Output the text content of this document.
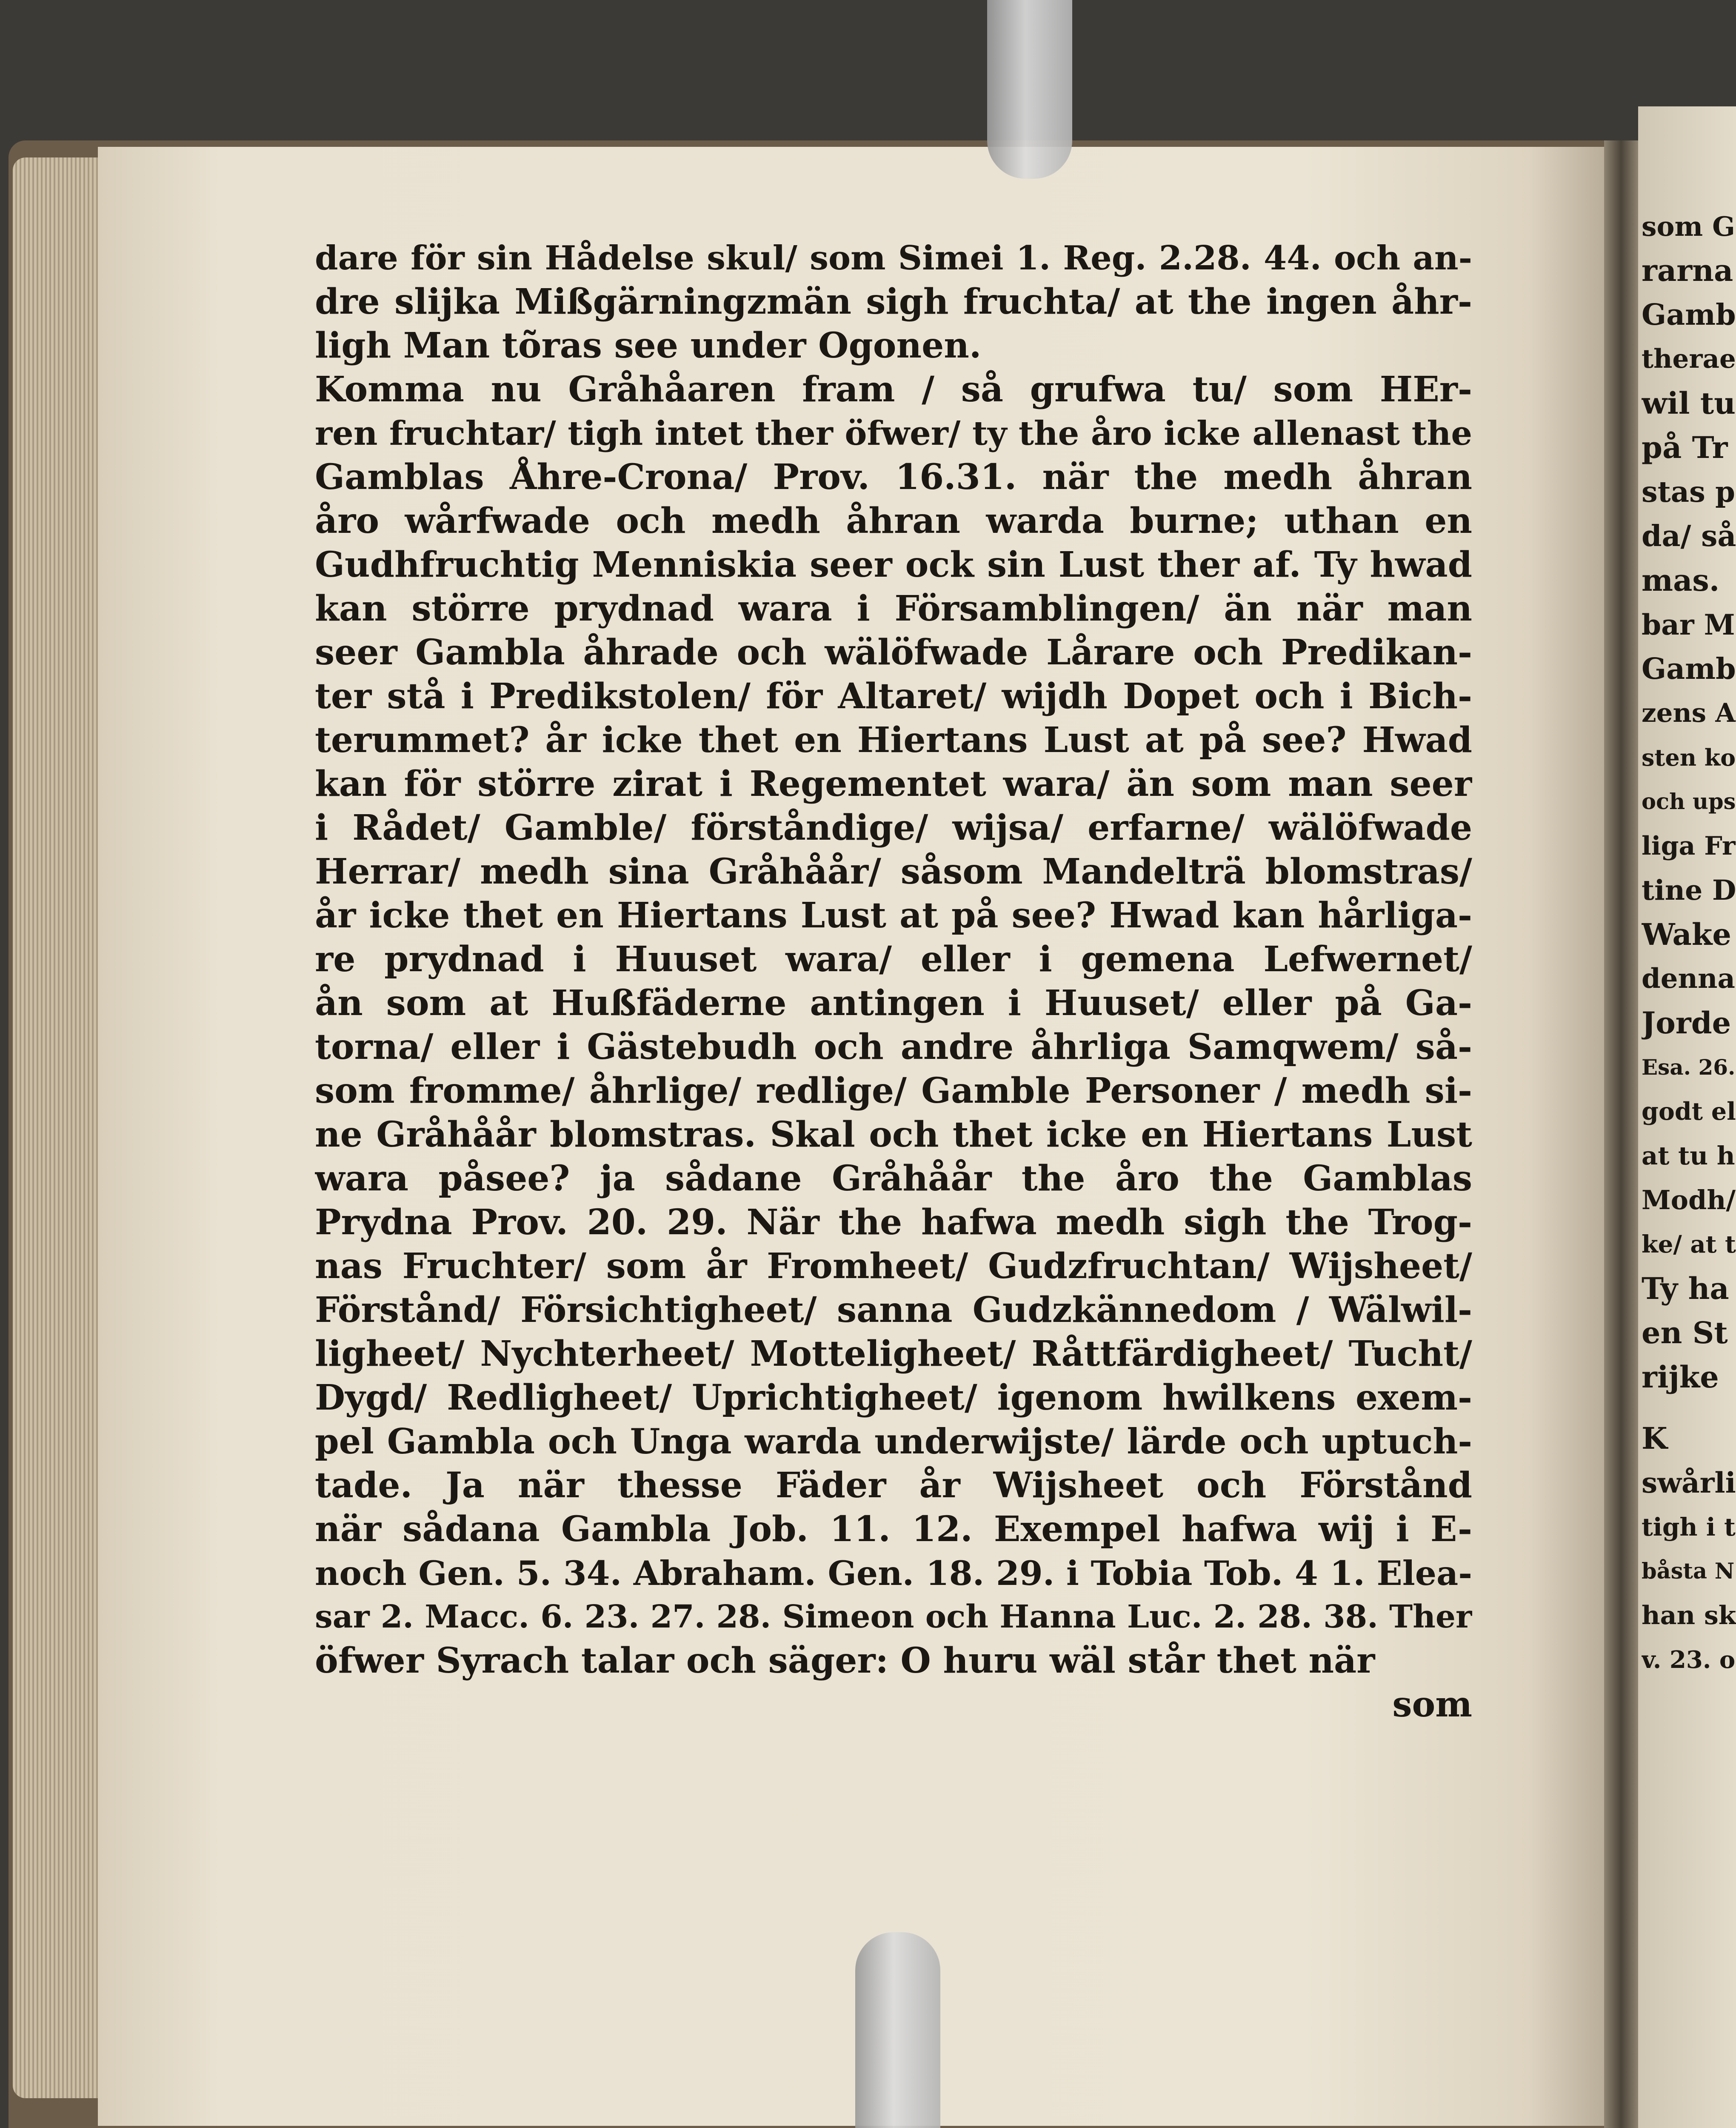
dare för sin Hådelse skul/ som Simei 1. Reg. 2.28. 44. och an-
dre slijka Mißgärningzmän sigh fruchta/ at the ingen åhr-
ligh Man tõras see under Ogonen.
Komma nu Gråhåaren fram / så grufwa tu/ som HEr-
ren fruchtar/ tigh intet ther öfwer/ ty the åro icke allenast the
Gamblas Åhre-Crona/ Prov. 16.31. när the medh åhran
åro wårfwade och medh åhran warda burne; uthan en
Gudhfruchtig Menniskia seer ock sin Lust ther af. Ty hwad
kan större prydnad wara i Församblingen/ än när man
seer Gambla åhrade och wälöfwade Lårare och Predikan-
ter stå i Predikstolen/ för Altaret/ wijdh Dopet och i Bich-
terummet? år icke thet en Hiertans Lust at på see? Hwad
kan för större zirat i Regementet wara/ än som man seer
i Rådet/ Gamble/ förståndige/ wijsa/ erfarne/ wälöfwade
Herrar/ medh sina Gråhåår/ såsom Mandelträ blomstras/
år icke thet en Hiertans Lust at på see? Hwad kan hårliga-
re prydnad i Huuset wara/ eller i gemena Lefwernet/
ån som at Hußfäderne antingen i Huuset/ eller på Ga-
torna/ eller i Gästebudh och andre åhrliga Samqwem/ så-
som fromme/ åhrlige/ redlige/ Gamble Personer / medh si-
ne Gråhåår blomstras. Skal och thet icke en Hiertans Lust
wara påsee? ja sådane Gråhåår the åro the Gamblas
Prydna Prov. 20. 29. När the hafwa medh sigh the Trog-
nas Fruchter/ som år Fromheet/ Gudzfruchtan/ Wijsheet/
Förstånd/ Försichtigheet/ sanna Gudzkännedom / Wälwil-
ligheet/ Nychterheet/ Motteligheet/ Råttfärdigheet/ Tucht/
Dygd/ Redligheet/ Uprichtigheet/ igenom hwilkens exem-
pel Gambla och Unga warda underwijste/ lärde och uptuch-
tade. Ja när thesse Fäder år Wijsheet och Förstånd
när sådana Gambla Job. 11. 12. Exempel hafwa wij i E-
noch Gen. 5. 34. Abraham. Gen. 18. 29. i Tobia Tob. 4 1. Elea-
sar 2. Macc. 6. 23. 27. 28. Simeon och Hanna Luc. 2. 28. 38. Ther
öfwer Syrach talar och säger: O huru wäl står thet när
som
som G
rarna
Gamb
therae
wil tu
på Tr
stas p
da/ så
mas.
bar M
Gamb
zens A
sten ko
och ups
liga Fr
tine D
Wake
denna
Jorde
Esa. 26.
godt el
at tu h
Modh/
ke/ at t
Ty ha
en St
rijke
K
swårli
tigh i t
båsta N
han sk
v. 23. o
